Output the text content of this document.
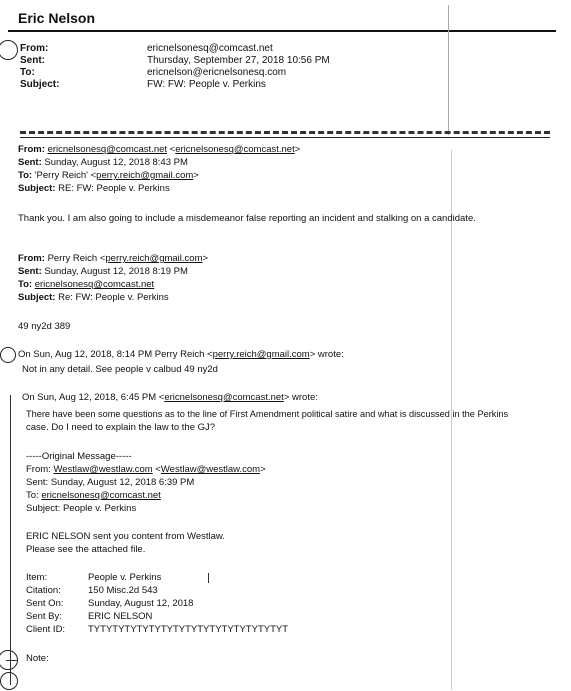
Eric Nelson
From:	ericnelsonesq@comcast.net
Sent:	Thursday, September 27, 2018 10:56 PM
To:	ericnelson@ericnelsonesq.com
Subject:	FW: FW: People v. Perkins
From: ericnelsonesq@comcast.net <ericnelsonesq@comcast.net>
Sent: Sunday, August 12, 2018 8:43 PM
To: 'Perry Reich' <perry.reich@gmail.com>
Subject: RE: FW: People v. Perkins
Thank you. I am also going to include a misdemeanor false reporting an incident and stalking on a candidate.
From: Perry Reich <perry.reich@gmail.com>
Sent: Sunday, August 12, 2018 8:19 PM
To: ericnelsonesq@comcast.net
Subject: Re: FW: People v. Perkins
49 ny2d 389
On Sun, Aug 12, 2018, 8:14 PM Perry Reich <perry.reich@gmail.com> wrote:
Not in any detail. See people v calbud 49 ny2d
On Sun, Aug 12, 2018, 6:45 PM <ericnelsonesq@comcast.net> wrote:
There have been some questions as to the line of First Amendment political satire and what is discussed in the Perkins
case. Do I need to explain the law to the GJ?
-----Original Message-----
From: Westlaw@westlaw.com <Westlaw@westlaw.com>
Sent: Sunday, August 12, 2018 6:39 PM
To: ericnelsonesq@comcast.net
Subject: People v. Perkins
ERIC NELSON sent you content from Westlaw.
Please see the attached file.
Item:	People v. Perkins
Citation:	150 Misc.2d 543
Sent On:	Sunday, August 12, 2018
Sent By:	ERIC NELSON
Client ID: TYTYTYTYTYTYTYTYTYTYTYTYTYTYTYTYT
Note:
